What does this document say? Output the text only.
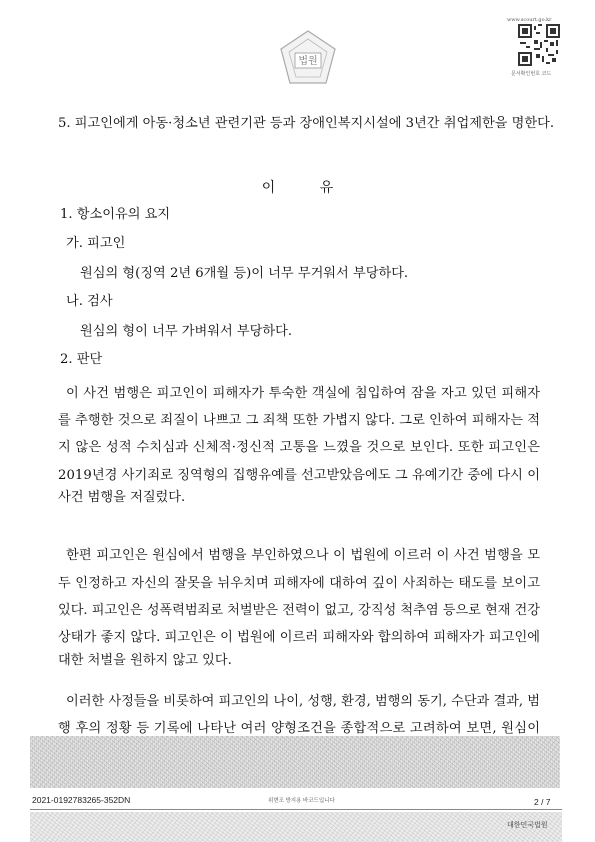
www.scourt.go.kr
법원
문서확인번호 코드
5. 피고인에게 아동·청소년 관련기관 등과 장애인복지시설에 3년간 취업제한을 명한다.
이          유
1. 항소이유의 요지
가. 피고인
원심의 형(징역 2년 6개월 등)이 너무 무거워서 부당하다.
나. 검사
원심의 형이 너무 가벼워서 부당하다.
2. 판단
이 사건 범행은 피고인이 피해자가 투숙한 객실에 침입하여 잠을 자고 있던 피해자
를 추행한 것으로 죄질이 나쁘고 그 죄책 또한 가볍지 않다. 그로 인하여 피해자는 적
지 않은 성적 수치심과 신체적·정신적 고통을 느꼈을 것으로 보인다. 또한 피고인은
2019년경 사기죄로 징역형의 집행유예를 선고받았음에도 그 유예기간 중에 다시 이
사건 범행을 저질렀다.
한편 피고인은 원심에서 범행을 부인하였으나 이 법원에 이르러 이 사건 범행을 모
두 인정하고 자신의 잘못을 뉘우치며 피해자에 대하여 깊이 사죄하는 태도를 보이고
있다. 피고인은 성폭력범죄로 처벌받은 전력이 없고, 강직성 척추염 등으로 현재 건강
상태가 좋지 않다. 피고인은 이 법원에 이르러 피해자와 합의하여 피해자가 피고인에
대한 처벌을 원하지 않고 있다.
이러한 사정들을 비롯하여 피고인의 나이, 성행, 환경, 범행의 동기, 수단과 결과, 범
행 후의 정황 등 기록에 나타난 여러 양형조건을 종합적으로 고려하여 보면, 원심이
2021-0192783265-352DN	위변조 방지용 바코드입니다	2 / 7
대한민국법원
